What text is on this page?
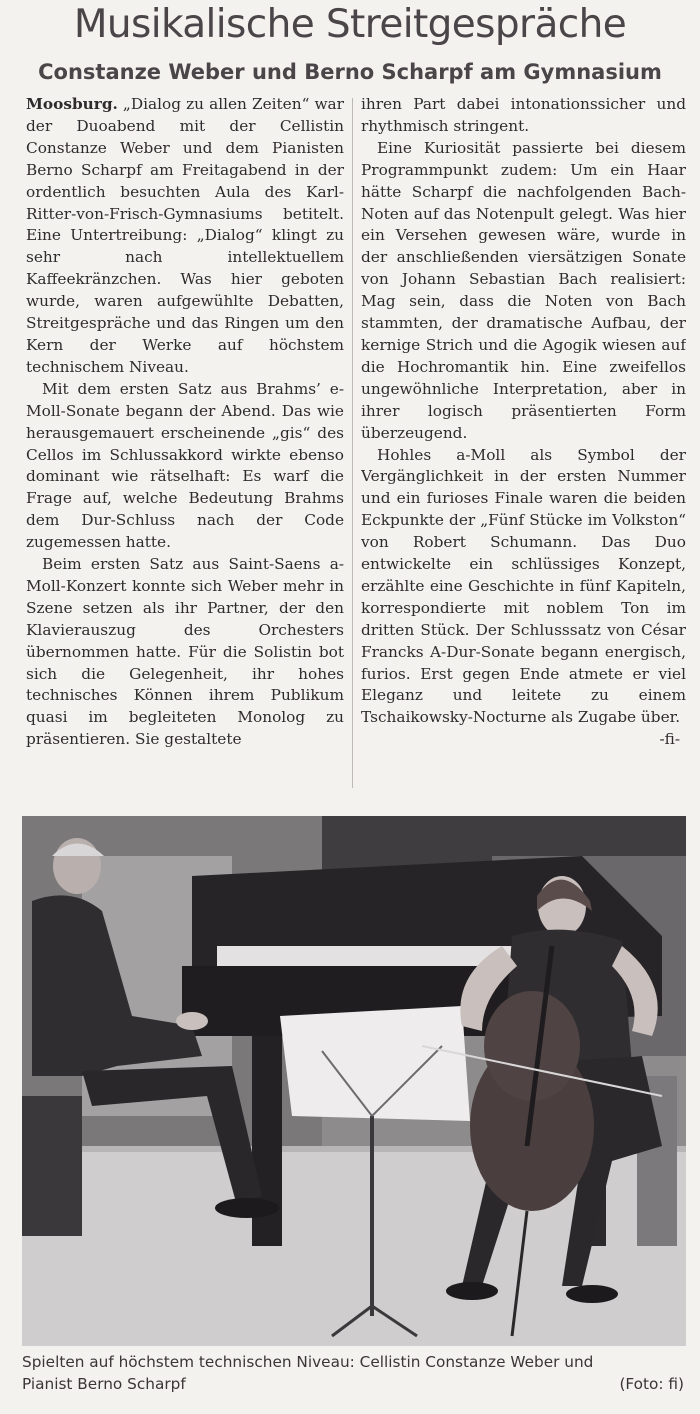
Musikalische Streitgespräche
Constanze Weber und Berno Scharpf am Gymnasium

Moosburg. „Dialog zu allen Zeiten“ war der Duoabend mit der Cellistin Constanze Weber und dem Pianisten Berno Scharpf am Freitagabend in der ordentlich besuchten Aula des Karl-Ritter-von-Frisch-Gymnasiums betitelt. Eine Untertreibung: „Dialog“ klingt zu sehr nach intellektuellem Kaffeekränzchen. Was hier geboten wurde, waren aufgewühlte Debatten, Streitgespräche und das Ringen um den Kern der Werke auf höchstem technischem Niveau.

Mit dem ersten Satz aus Brahms’ e-Moll-Sonate begann der Abend. Das wie herausgemauert erscheinende „gis“ des Cellos im Schlussakkord wirkte ebenso dominant wie rätselhaft: Es warf die Frage auf, welche Bedeutung Brahms dem Dur-Schluss nach der Code zugemessen hatte.

Beim ersten Satz aus Saint-Saens a-Moll-Konzert konnte sich Weber mehr in Szene setzen als ihr Partner, der den Klavierauszug des Orchesters übernommen hatte. Für die Solistin bot sich die Gelegenheit, ihr hohes technisches Können ihrem Publikum quasi im begleiteten Monolog zu präsentieren. Sie gestaltete

ihren Part dabei intonationssicher und rhythmisch stringent.

Eine Kuriosität passierte bei diesem Programmpunkt zudem: Um ein Haar hätte Scharpf die nachfolgenden Bach-Noten auf das Notenpult gelegt. Was hier ein Versehen gewesen wäre, wurde in der anschließenden viersätzigen Sonate von Johann Sebastian Bach realisiert: Mag sein, dass die Noten von Bach stammten, der dramatische Aufbau, der kernige Strich und die Agogik wiesen auf die Hochromantik hin. Eine zweifellos ungewöhnliche Interpretation, aber in ihrer logisch präsentierten Form überzeugend.

Hohles a-Moll als Symbol der Vergänglichkeit in der ersten Nummer und ein furioses Finale waren die beiden Eckpunkte der „Fünf Stücke im Volkston“ von Robert Schumann. Das Duo entwickelte ein schlüssiges Konzept, erzählte eine Geschichte in fünf Kapiteln, korrespondierte mit noblem Ton im dritten Stück. Der Schlusssatz von César Francks A-Dur-Sonate begann energisch, furios. Erst gegen Ende atmete er viel Eleganz und leitete zu einem Tschaikowsky-Nocturne als Zugabe über.
-fi-

Spielten auf höchstem technischen Niveau: Cellistin Constanze Weber und
Pianist Berno Scharpf	(Foto: fi)
